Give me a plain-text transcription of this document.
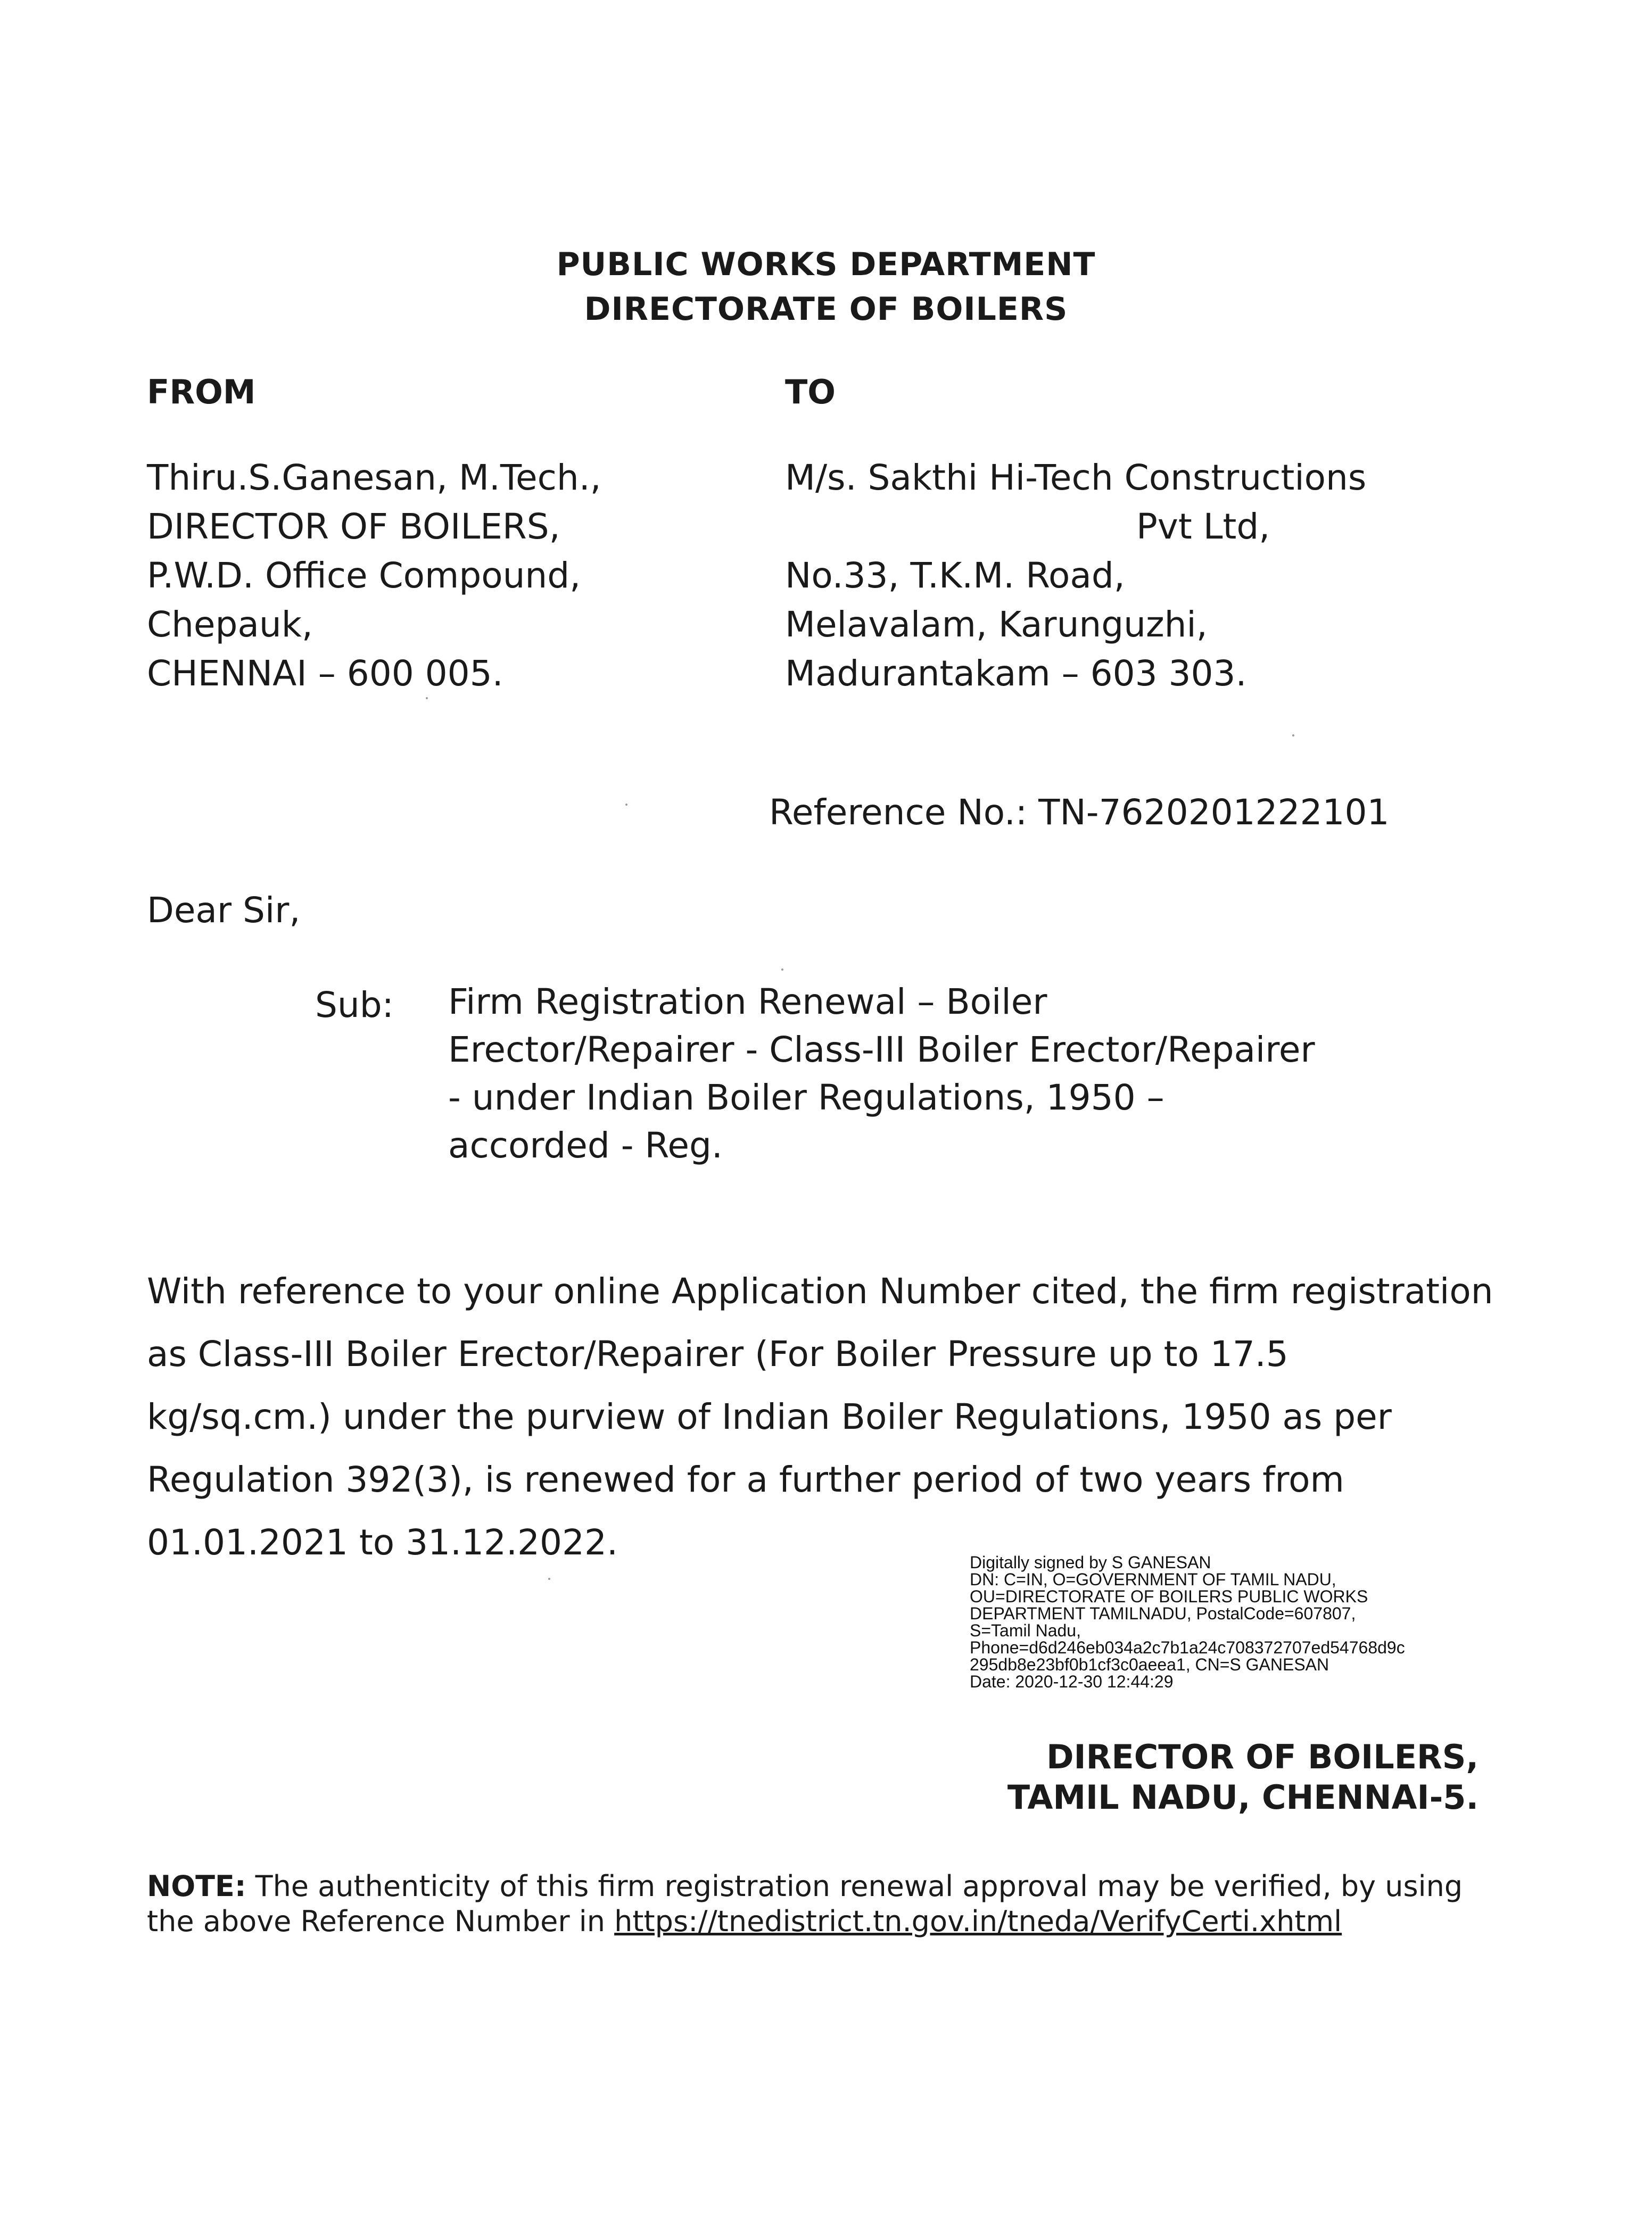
PUBLIC WORKS DEPARTMENT
DIRECTORATE OF BOILERS
FROM
Thiru.S.Ganesan, M.Tech.,
DIRECTOR OF BOILERS,
P.W.D. Office Compound,
Chepauk,
CHENNAI – 600 005.
TO
M/s. Sakthi Hi-Tech Constructions
Pvt Ltd,
No.33, T.K.M. Road,
Melavalam, Karunguzhi,
Madurantakam – 603 303.
Reference No.: TN-7620201222101
Dear Sir,
Sub: Firm Registration Renewal – Boiler
Erector/Repairer - Class-III Boiler Erector/Repairer
- under Indian Boiler Regulations, 1950 –
accorded - Reg.
With reference to your online Application Number cited, the firm registration
as Class-III Boiler Erector/Repairer (For Boiler Pressure up to 17.5
kg/sq.cm.) under the purview of Indian Boiler Regulations, 1950 as per
Regulation 392(3), is renewed for a further period of two years from
01.01.2021 to 31.12.2022.	Digitally signed by S GANESAN
DN: C=IN, O=GOVERNMENT OF TAMIL NADU,
OU=DIRECTORATE OF BOILERS PUBLIC WORKS
DEPARTMENT TAMILNADU, PostalCode=607807,
S=Tamil Nadu,
Phone=d6d246eb034a2c7b1a24c708372707ed54768d9c
295db8e23bf0b1cf3c0aeea1, CN=S GANESAN
Date: 2020-12-30 12:44:29
DIRECTOR OF BOILERS,
TAMIL NADU, CHENNAI-5.
NOTE: The authenticity of this firm registration renewal approval may be verified, by using
the above Reference Number in https://tnedistrict.tn.gov.in/tneda/VerifyCerti.xhtml
